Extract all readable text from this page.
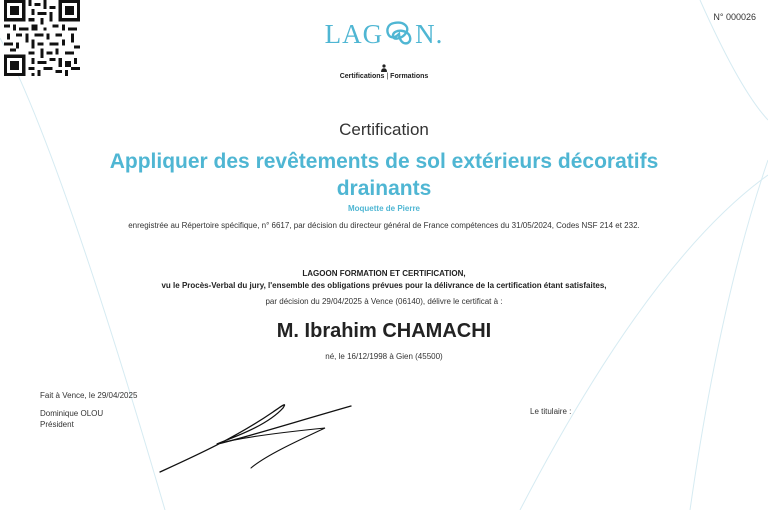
N° 000026
LAG N.
Certifications | Formations
Certification
Appliquer des revêtements de sol extérieurs décoratifs drainants
Moquette de Pierre
enregistrée au Répertoire spécifique, n° 6617, par décision du directeur général de France compétences du 31/05/2024, Codes NSF 214 et 232.
LAGOON FORMATION ET CERTIFICATION,
vu le Procès-Verbal du jury, l'ensemble des obligations prévues pour la délivrance de la certification étant satisfaites,
par décision du 29/04/2025 à Vence (06140), délivre le certificat à :
M. Ibrahim CHAMACHI
né, le 16/12/1998 à Gien (45500)
Fait à Vence, le 29/04/2025
Dominique OLOU
Président
Le titulaire :
